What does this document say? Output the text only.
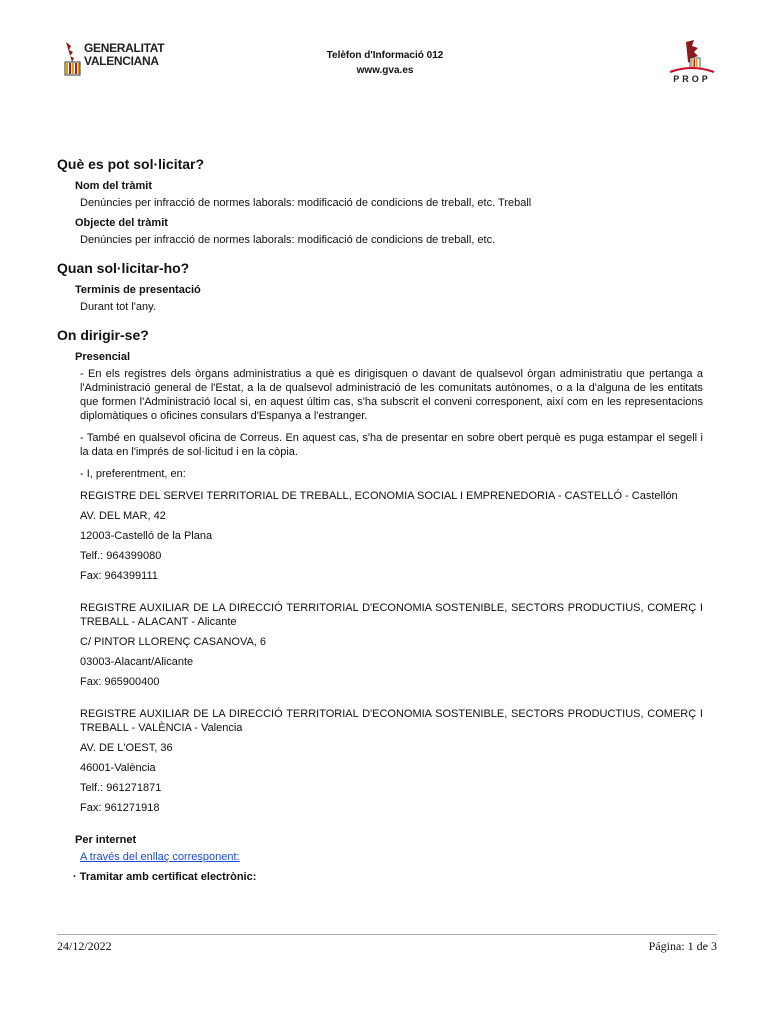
GENERALITAT
VALENCIANA	Telèfon d'Informació 012
www.gva.es
PROP
Què es pot sol·licitar?
Nom del tràmit
Denúncies per infracció de normes laborals: modificació de condicions de treball, etc. Treball
Objecte del tràmit
Denúncies per infracció de normes laborals: modificació de condicions de treball, etc.
Quan sol·licitar-ho?
Terminis de presentació
Durant tot l'any.
On dirigir-se?
Presencial

- En els registres dels òrgans administratius a què es dirigisquen o davant de qualsevol òrgan administratiu que pertanga a l'Administració general de l'Estat, a la de qualsevol administració de les comunitats autònomes, o a la d'alguna de les entitats que formen l'Administració local si, en aquest últim cas, s'ha subscrit el conveni corresponent, així com en les representacions diplomàtiques o oficines consulars d'Espanya a l'estranger.

- També en qualsevol oficina de Correus. En aquest cas, s'ha de presentar en sobre obert perquè es puga estampar el segell i la data en l'imprés de sol·licitud i en la còpia.

- I, preferentment, en:

REGISTRE DEL SERVEI TERRITORIAL DE TREBALL, ECONOMIA SOCIAL I EMPRENEDORIA - CASTELLÓ - Castellón
AV. DEL MAR, 42
12003-Castelló de la Plana
Telf.: 964399080
Fax: 964399111
REGISTRE AUXILIAR DE LA DIRECCIÓ TERRITORIAL D'ECONOMIA SOSTENIBLE, SECTORS PRODUCTIUS, COMERÇ I TREBALL - ALACANT - Alicante
C/ PINTOR LLORENÇ CASANOVA, 6
03003-Alacant/Alicante
Fax: 965900400
REGISTRE AUXILIAR DE LA DIRECCIÓ TERRITORIAL D'ECONOMIA SOSTENIBLE, SECTORS PRODUCTIUS, COMERÇ I TREBALL - VALÈNCIA - Valencia
AV. DE L'OEST, 36
46001-València
Telf.: 961271871
Fax: 961271918
Per internet
A través del enllaç corresponent:
· Tramitar amb certificat electrònic:
24/12/2022	Página: 1 de 3
